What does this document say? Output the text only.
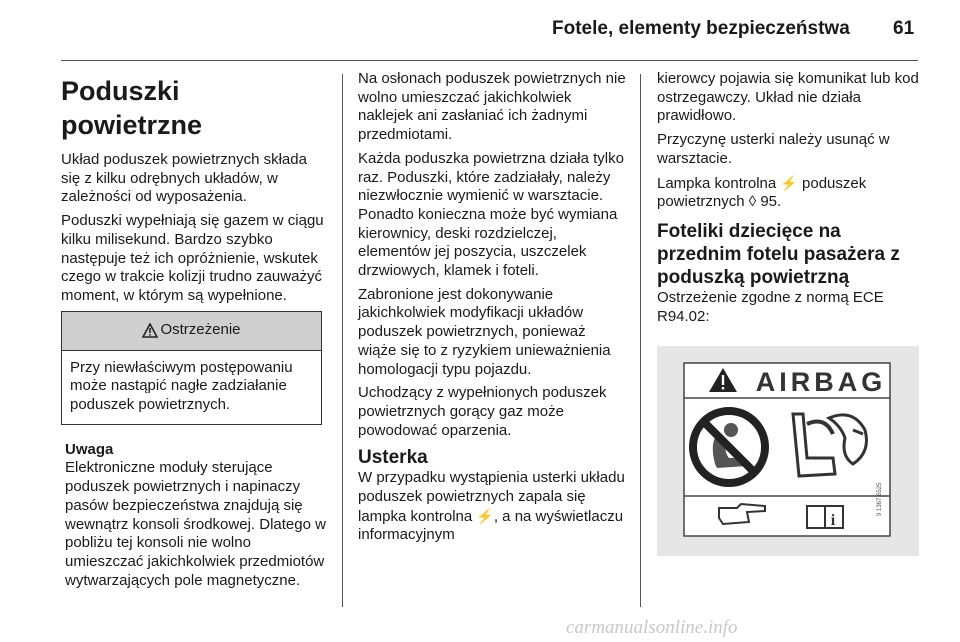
Fotele, elementy bezpieczeństwa 61
Poduszki powietrzne

Układ poduszek powietrznych składa się z kilku odrębnych układów, w zależności od wyposażenia.

Poduszki wypełniają się gazem w ciągu kilku milisekund. Bardzo szybko następuje też ich opróżnienie, wskutek czego w trakcie kolizji trudno zauważyć moment, w którym są wypełnione.

Ostrzeżenie
Przy niewłaściwym postępowaniu może nastąpić nagłe zadziałanie poduszek powietrznych.
Uwaga
Elektroniczne moduły sterujące poduszek powietrznych i napinaczy pasów bezpieczeństwa znajdują się wewnątrz konsoli środkowej. Dlatego w pobliżu tej konsoli nie wolno umieszczać jakichkolwiek przedmiotów wytwarzających pole magnetyczne.

Na osłonach poduszek powietrznych nie wolno umieszczać jakichkolwiek naklejek ani zasłaniać ich żadnymi przedmiotami.

Każda poduszka powietrzna działa tylko raz. Poduszki, które zadziałały, należy niezwłocznie wymienić w warsztacie. Ponadto konieczna może być wymiana kierownicy, deski rozdzielczej, elementów jej poszycia, uszczelek drzwiowych, klamek i foteli.

Zabronione jest dokonywanie jakichkolwiek modyfikacji układów poduszek powietrznych, ponieważ wiąże się to z ryzykiem unieważnienia homologacji typu pojazdu.

Uchodzący z wypełnionych poduszek powietrznych gorący gaz może powodować oparzenia.

Usterka

W przypadku wystąpienia usterki układu poduszek powietrznych zapala się lampka kontrolna ⚡, a na wyświetlaczu informacyjnym

kierowcy pojawia się komunikat lub kod ostrzegawczy. Układ nie działa prawidłowo.

Przyczynę usterki należy usunąć w warsztacie.

Lampka kontrolna ⚡ poduszek powietrznych ◊ 95.

Foteliki dziecięce na przednim fotelu pasażera z poduszką powietrzną

Ostrzeżenie zgodne z normą ECE R94.02:

AIRBAG
9 1367 6525
i
carmanualsonline.info
